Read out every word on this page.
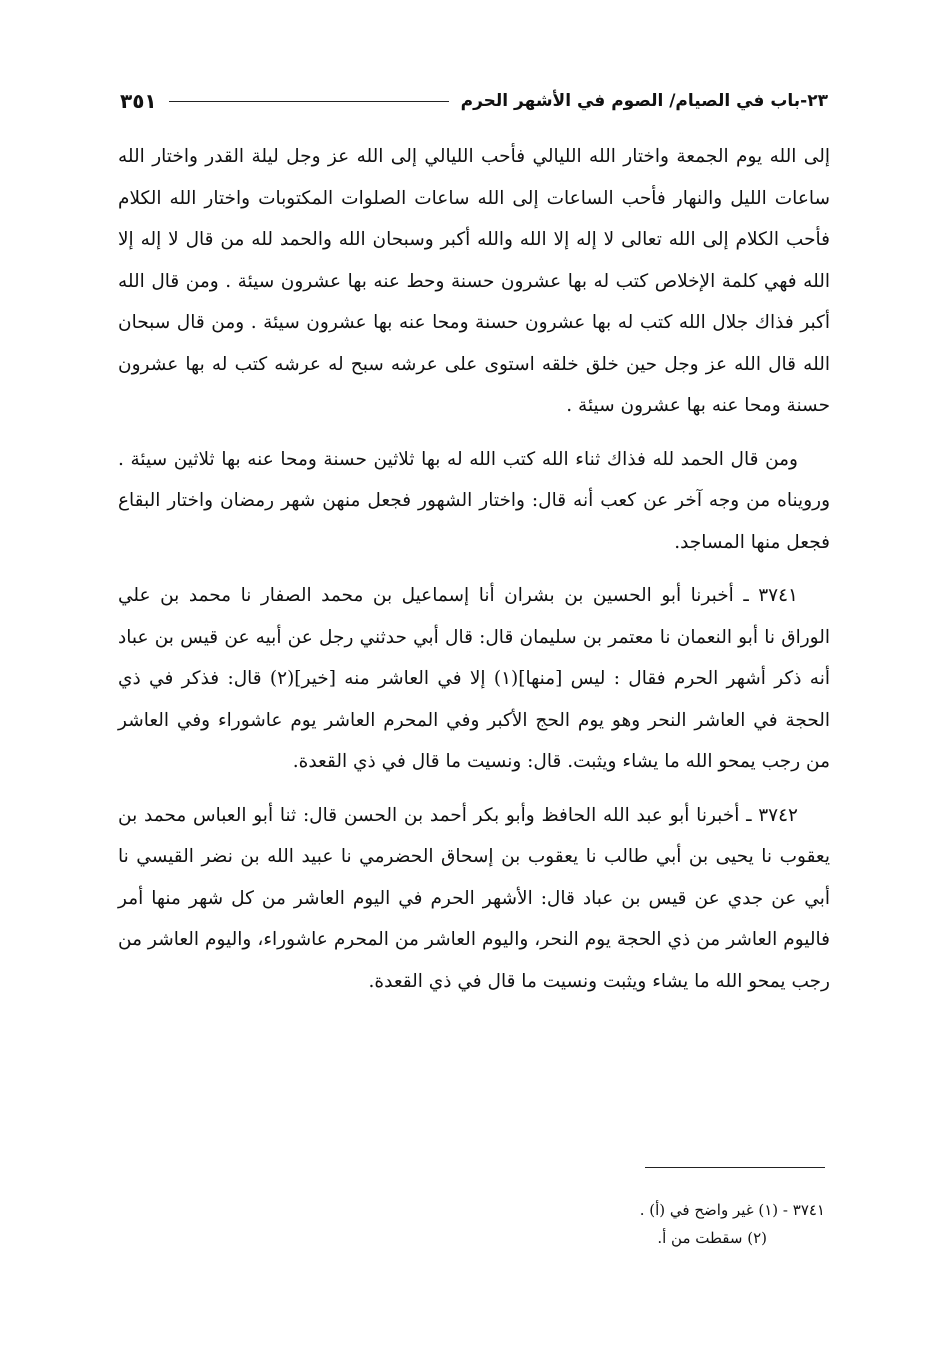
٢٣-باب في الصيام/ الصوم في الأشهر الحرم
٣٥١

إلى الله يوم الجمعة واختار الله الليالي فأحب الليالي إلى الله عز وجل ليلة القدر واختار الله ساعات الليل والنهار فأحب الساعات إلى الله ساعات الصلوات المكتوبات واختار الله الكلام فأحب الكلام إلى الله تعالى لا إله إلا الله والله أكبر وسبحان الله والحمد لله من قال لا إله إلا الله فهي كلمة الإخلاص كتب له بها عشرون حسنة وحط عنه بها عشرون سيئة . ومن قال الله أكبر فذاك جلال الله كتب له بها عشرون حسنة ومحا عنه بها عشرون سيئة . ومن قال سبحان الله قال الله عز وجل حين خلق خلقه استوى على عرشه سبح له عرشه كتب له بها عشرون حسنة ومحا عنه بها عشرون سيئة .

ومن قال الحمد لله فذاك ثناء الله كتب الله له بها ثلاثين حسنة ومحا عنه بها ثلاثين سيئة . ورويناه من وجه آخر عن كعب أنه قال: واختار الشهور فجعل منهن شهر رمضان واختار البقاع فجعل منها المساجد.

٣٧٤١ ـ أخبرنا أبو الحسين بن بشران أنا إسماعيل بن محمد الصفار نا محمد بن علي الوراق نا أبو النعمان نا معتمر بن سليمان قال: قال أبي حدثني رجل عن أبيه عن قيس بن عباد أنه ذكر أشهر الحرم فقال : ليس [منها](١) إلا في العاشر منه [خير](٢) قال: فذكر في ذي الحجة في العاشر النحر وهو يوم الحج الأكبر وفي المحرم العاشر يوم عاشوراء وفي العاشر من رجب يمحو الله ما يشاء ويثبت. قال: ونسيت ما قال في ذي القعدة.

٣٧٤٢ ـ أخبرنا أبو عبد الله الحافظ وأبو بكر أحمد بن الحسن قال: ثنا أبو العباس محمد بن يعقوب نا يحيى بن أبي طالب نا يعقوب بن إسحاق الحضرمي نا عبيد الله بن نضر القيسي نا أبي عن جدي عن قيس بن عباد قال: الأشهر الحرم في اليوم العاشر من كل شهر منها أمر فاليوم العاشر من ذي الحجة يوم النحر، واليوم العاشر من المحرم عاشوراء، واليوم العاشر من رجب يمحو الله ما يشاء ويثبت ونسيت ما قال في ذي القعدة.

٣٧٤١ - (١) غير واضح في (أ) .
(٢) سقطت من أ.
